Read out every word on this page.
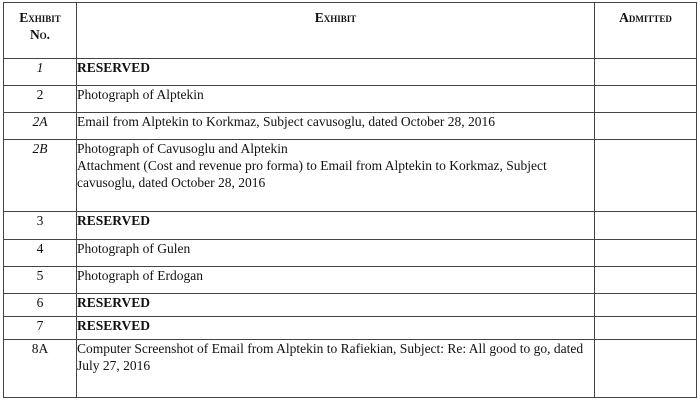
Exhibit
No.	Exhibit	Admitted
1	RESERVED	

2	Photograph of Alptekin	

2A	Email from Alptekin to Korkmaz, Subject cavusoglu, dated October 28, 2016	

2B	Photograph of Cavusoglu and Alptekin
Attachment (Cost and revenue pro forma) to Email from Alptekin to Korkmaz, Subject cavusoglu, dated October 28, 2016	

3	RESERVED	

4	Photograph of Gulen	

5	Photograph of Erdogan	

6	RESERVED	

7	RESERVED	

8A	Computer Screenshot of Email from Alptekin to Rafiekian, Subject: Re: All good to go, dated July 27, 2016	
